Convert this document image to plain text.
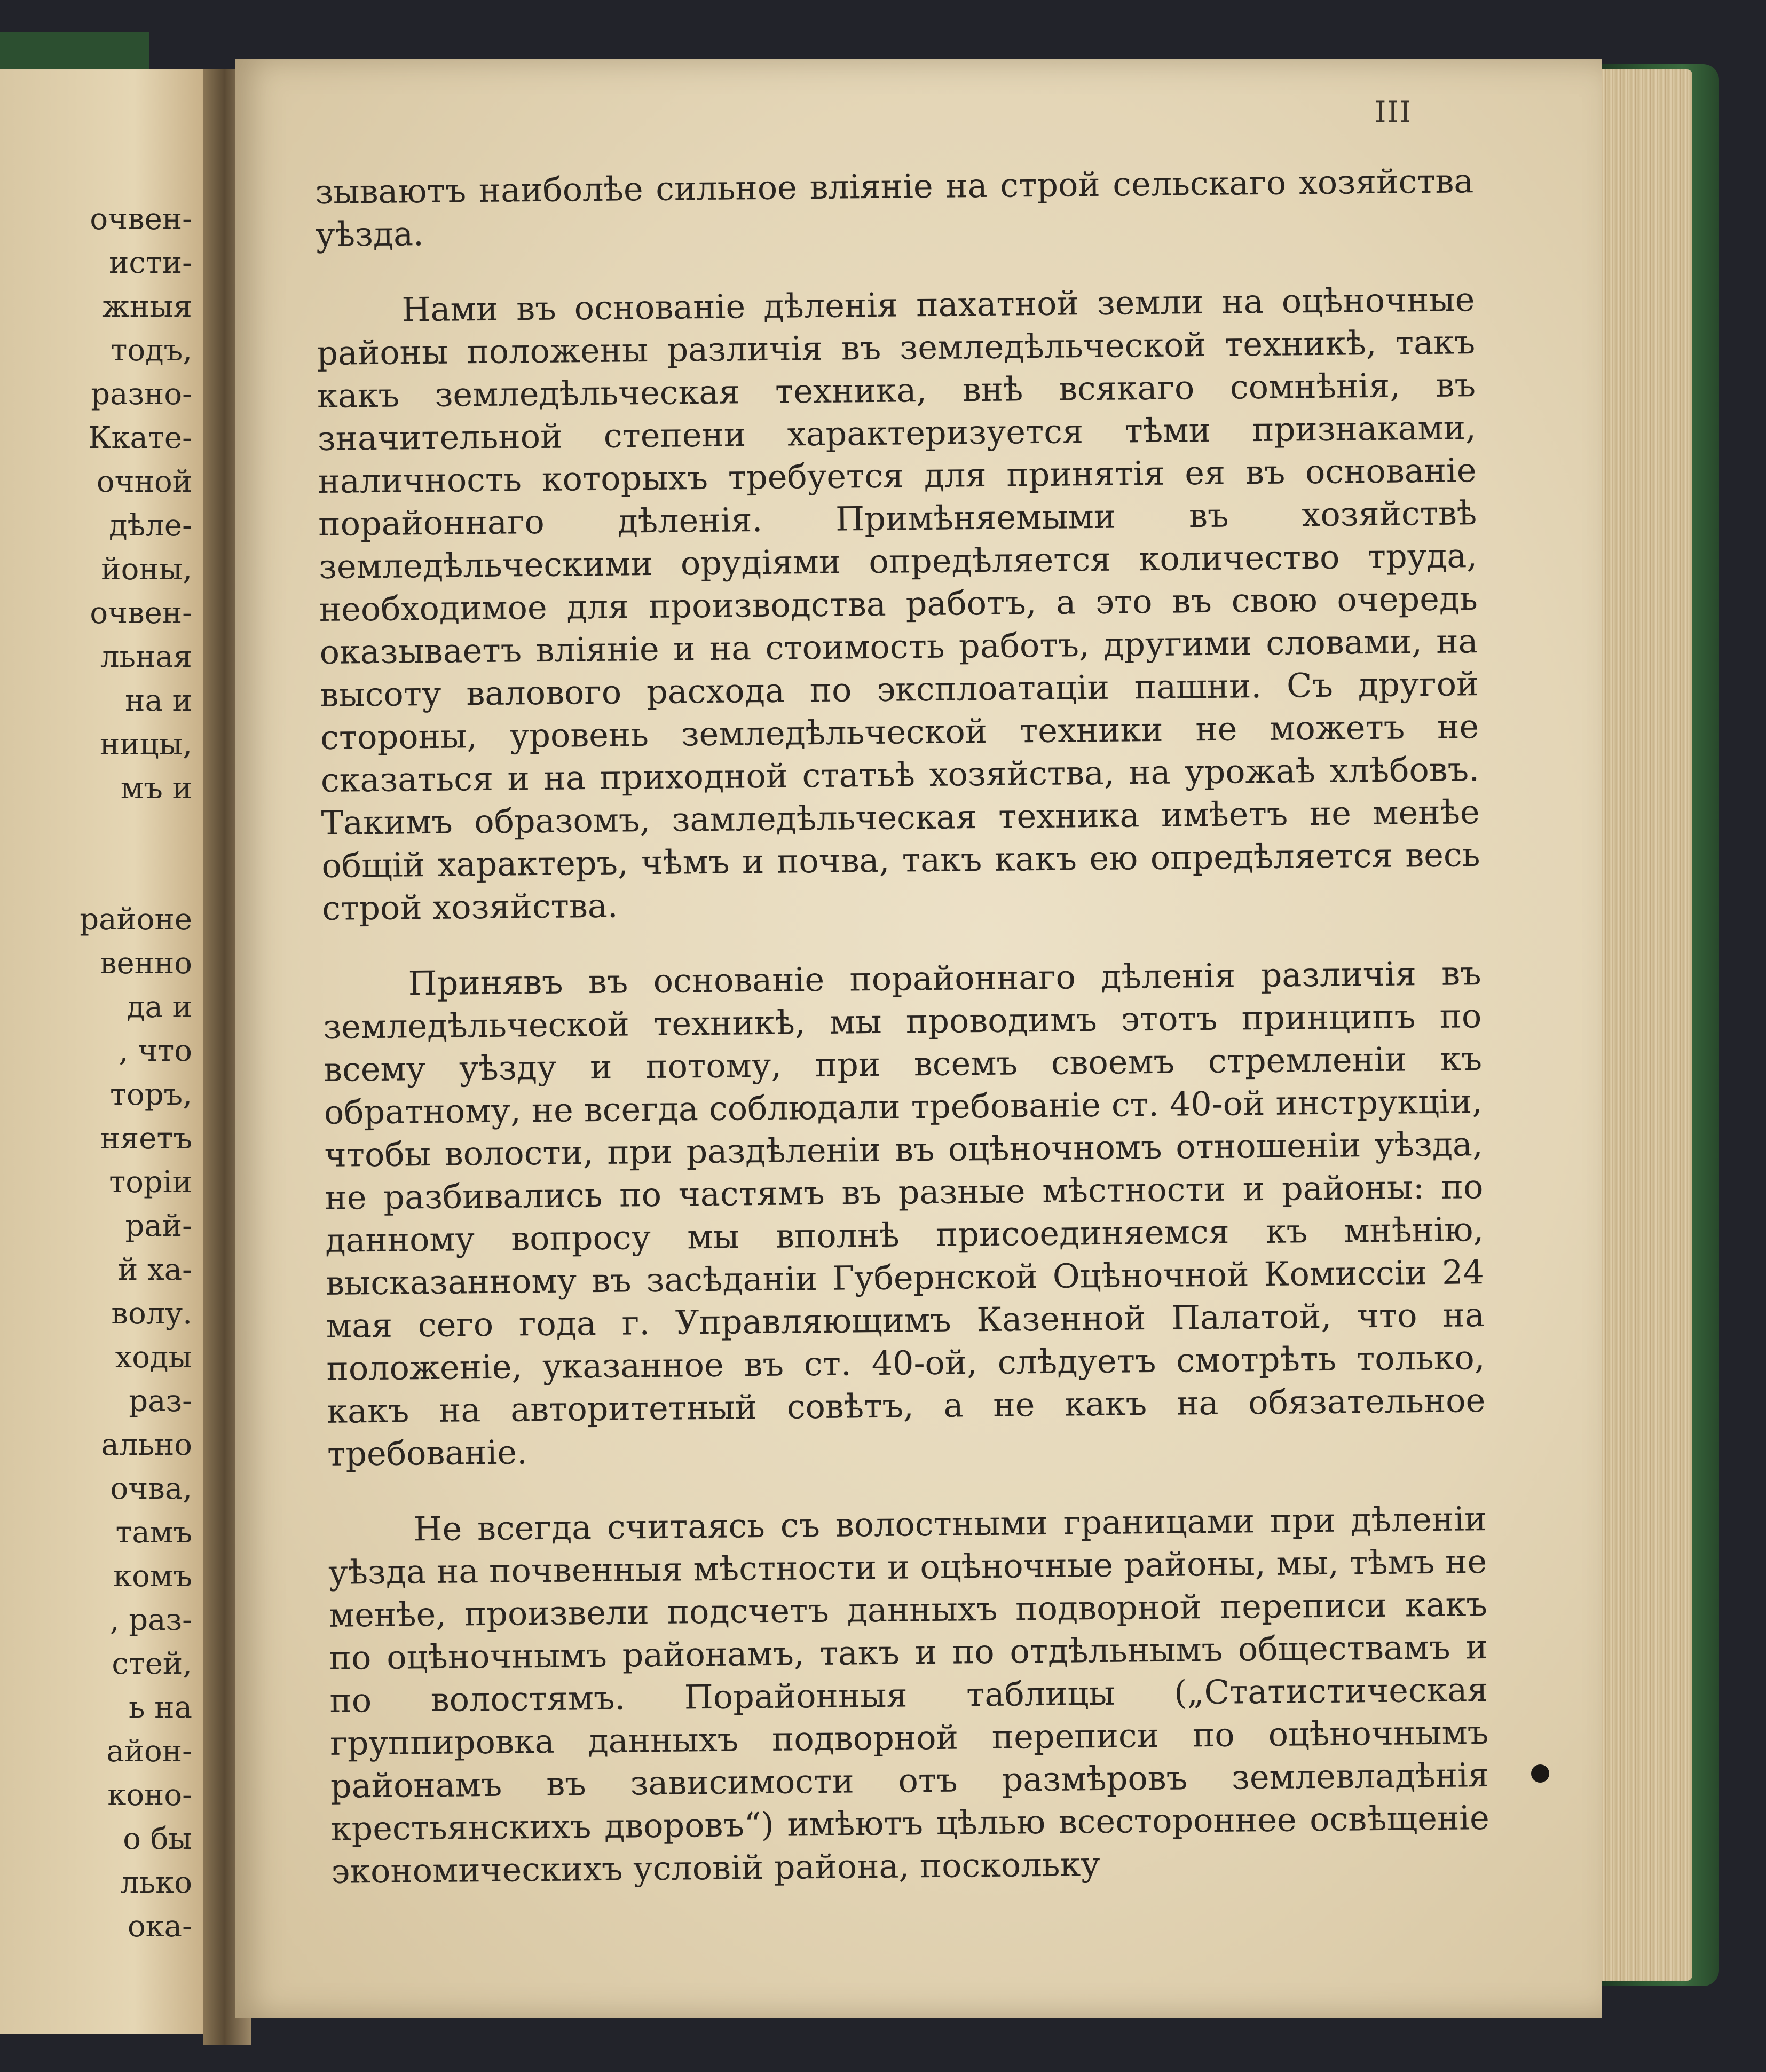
очвен-
исти-
жныя
тодъ,
разно-
Ккате-
очной
дѣле-
йоны,
очвен-
льная
на и
ницы,
мъ и

районе
венно
да и
, что
торъ,
няетъ
торіи
рай-
й ха-
волу.
ходы
раз-
ально
очва,
тамъ
комъ
, раз-
стей,
ь на
айон-
коно-
о бы
лько
ока-
III

зываютъ наиболѣе сильное вліяніе на строй сельскаго хозяйства уѣзда.

Нами въ основаніе дѣленія пахатной земли на оцѣночные районы положены различія въ земледѣльческой техникѣ, такъ какъ земледѣльческая техника, внѣ всякаго сомнѣнія, въ значительной степени характеризуется тѣми признаками, наличность которыхъ требуется для принятія ея въ основаніе порайоннаго дѣленія. Примѣняемыми въ хозяйствѣ земледѣльческими орудіями опредѣляется количество труда, необходимое для производства работъ, а это въ свою очередь оказываетъ вліяніе и на стоимость работъ, другими словами, на высоту валового расхода по эксплоатаціи пашни. Съ другой стороны, уровень земледѣльческой техники не можетъ не сказаться и на приходной статьѣ хозяйства, на урожаѣ хлѣбовъ. Такимъ образомъ, замледѣльческая техника имѣетъ не менѣе общій характеръ, чѣмъ и почва, такъ какъ ею опредѣляется весь строй хозяйства.

Принявъ въ основаніе порайоннаго дѣленія различія въ земледѣльческой техникѣ, мы проводимъ этотъ принципъ по всему уѣзду и потому, при всемъ своемъ стремленіи къ обратному, не всегда соблюдали требованіе ст. 40-ой инструкціи, чтобы волости, при раздѣленіи въ оцѣночномъ отношеніи уѣзда, не разбивались по частямъ въ разные мѣстности и районы: по данному вопросу мы вполнѣ присоединяемся къ мнѣнію, высказанному въ засѣданіи Губернской Оцѣночной Комиссіи 24 мая сего года г. Управляющимъ Казенной Палатой, что на положеніе, указанное въ ст. 40-ой, слѣдуетъ смотрѣть только, какъ на авторитетный совѣтъ, а не какъ на обязательное требованіе.

Не всегда считаясь съ волостными границами при дѣленіи уѣзда на почвенныя мѣстности и оцѣночные районы, мы, тѣмъ не менѣе, произвели подсчетъ данныхъ подворной переписи какъ по оцѣночнымъ районамъ, такъ и по отдѣльнымъ обществамъ и по волостямъ. Порайонныя таблицы („Статистическая группировка данныхъ подворной переписи по оцѣночнымъ районамъ въ зависимости отъ размѣровъ землевладѣнія крестьянскихъ дворовъ“) имѣютъ цѣлью всестороннее освѣщеніе экономическихъ условій района, поскольку
